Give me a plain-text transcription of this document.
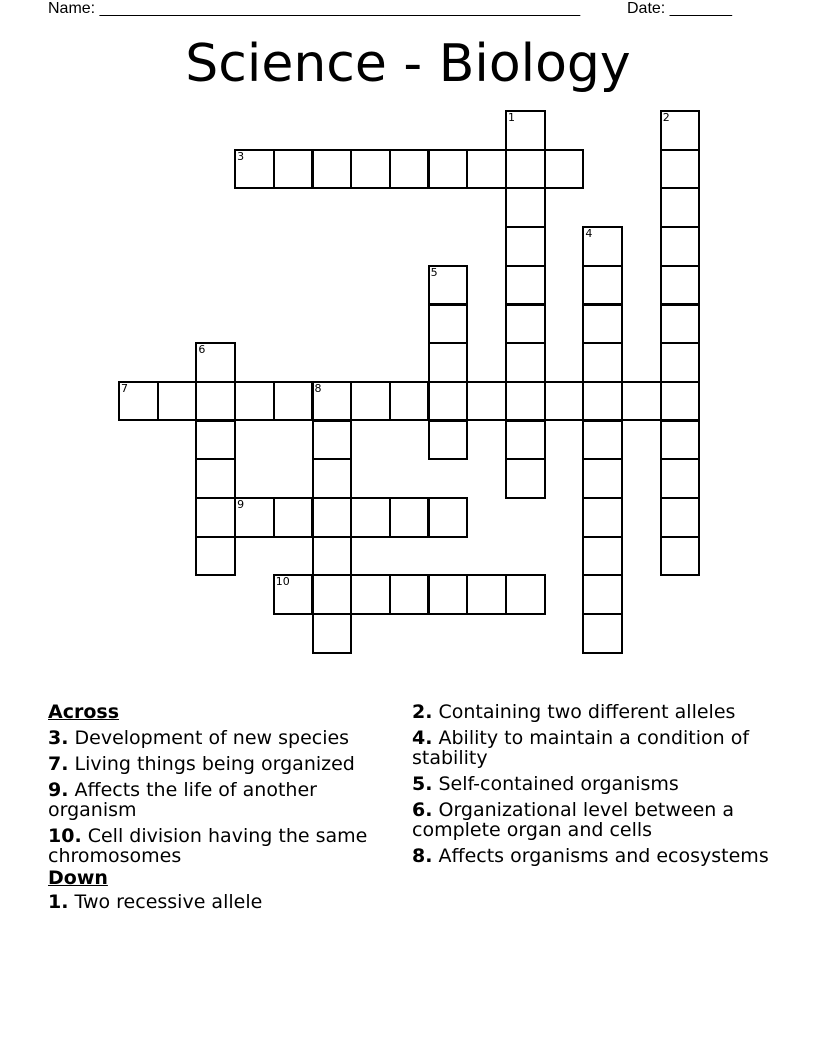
Name: ______________________________________________________	Date: _______
Science - Biology
1	2
3
4
5
6
7	8
9
10
Across
3. Development of new species
7. Living things being organized
9. Affects the life of another organism
10. Cell division having the same chromosomes
Down
1. Two recessive allele
2. Containing two different alleles
4. Ability to maintain a condition of stability
5. Self-contained organisms
6. Organizational level between a complete organ and cells
8. Affects organisms and ecosystems
